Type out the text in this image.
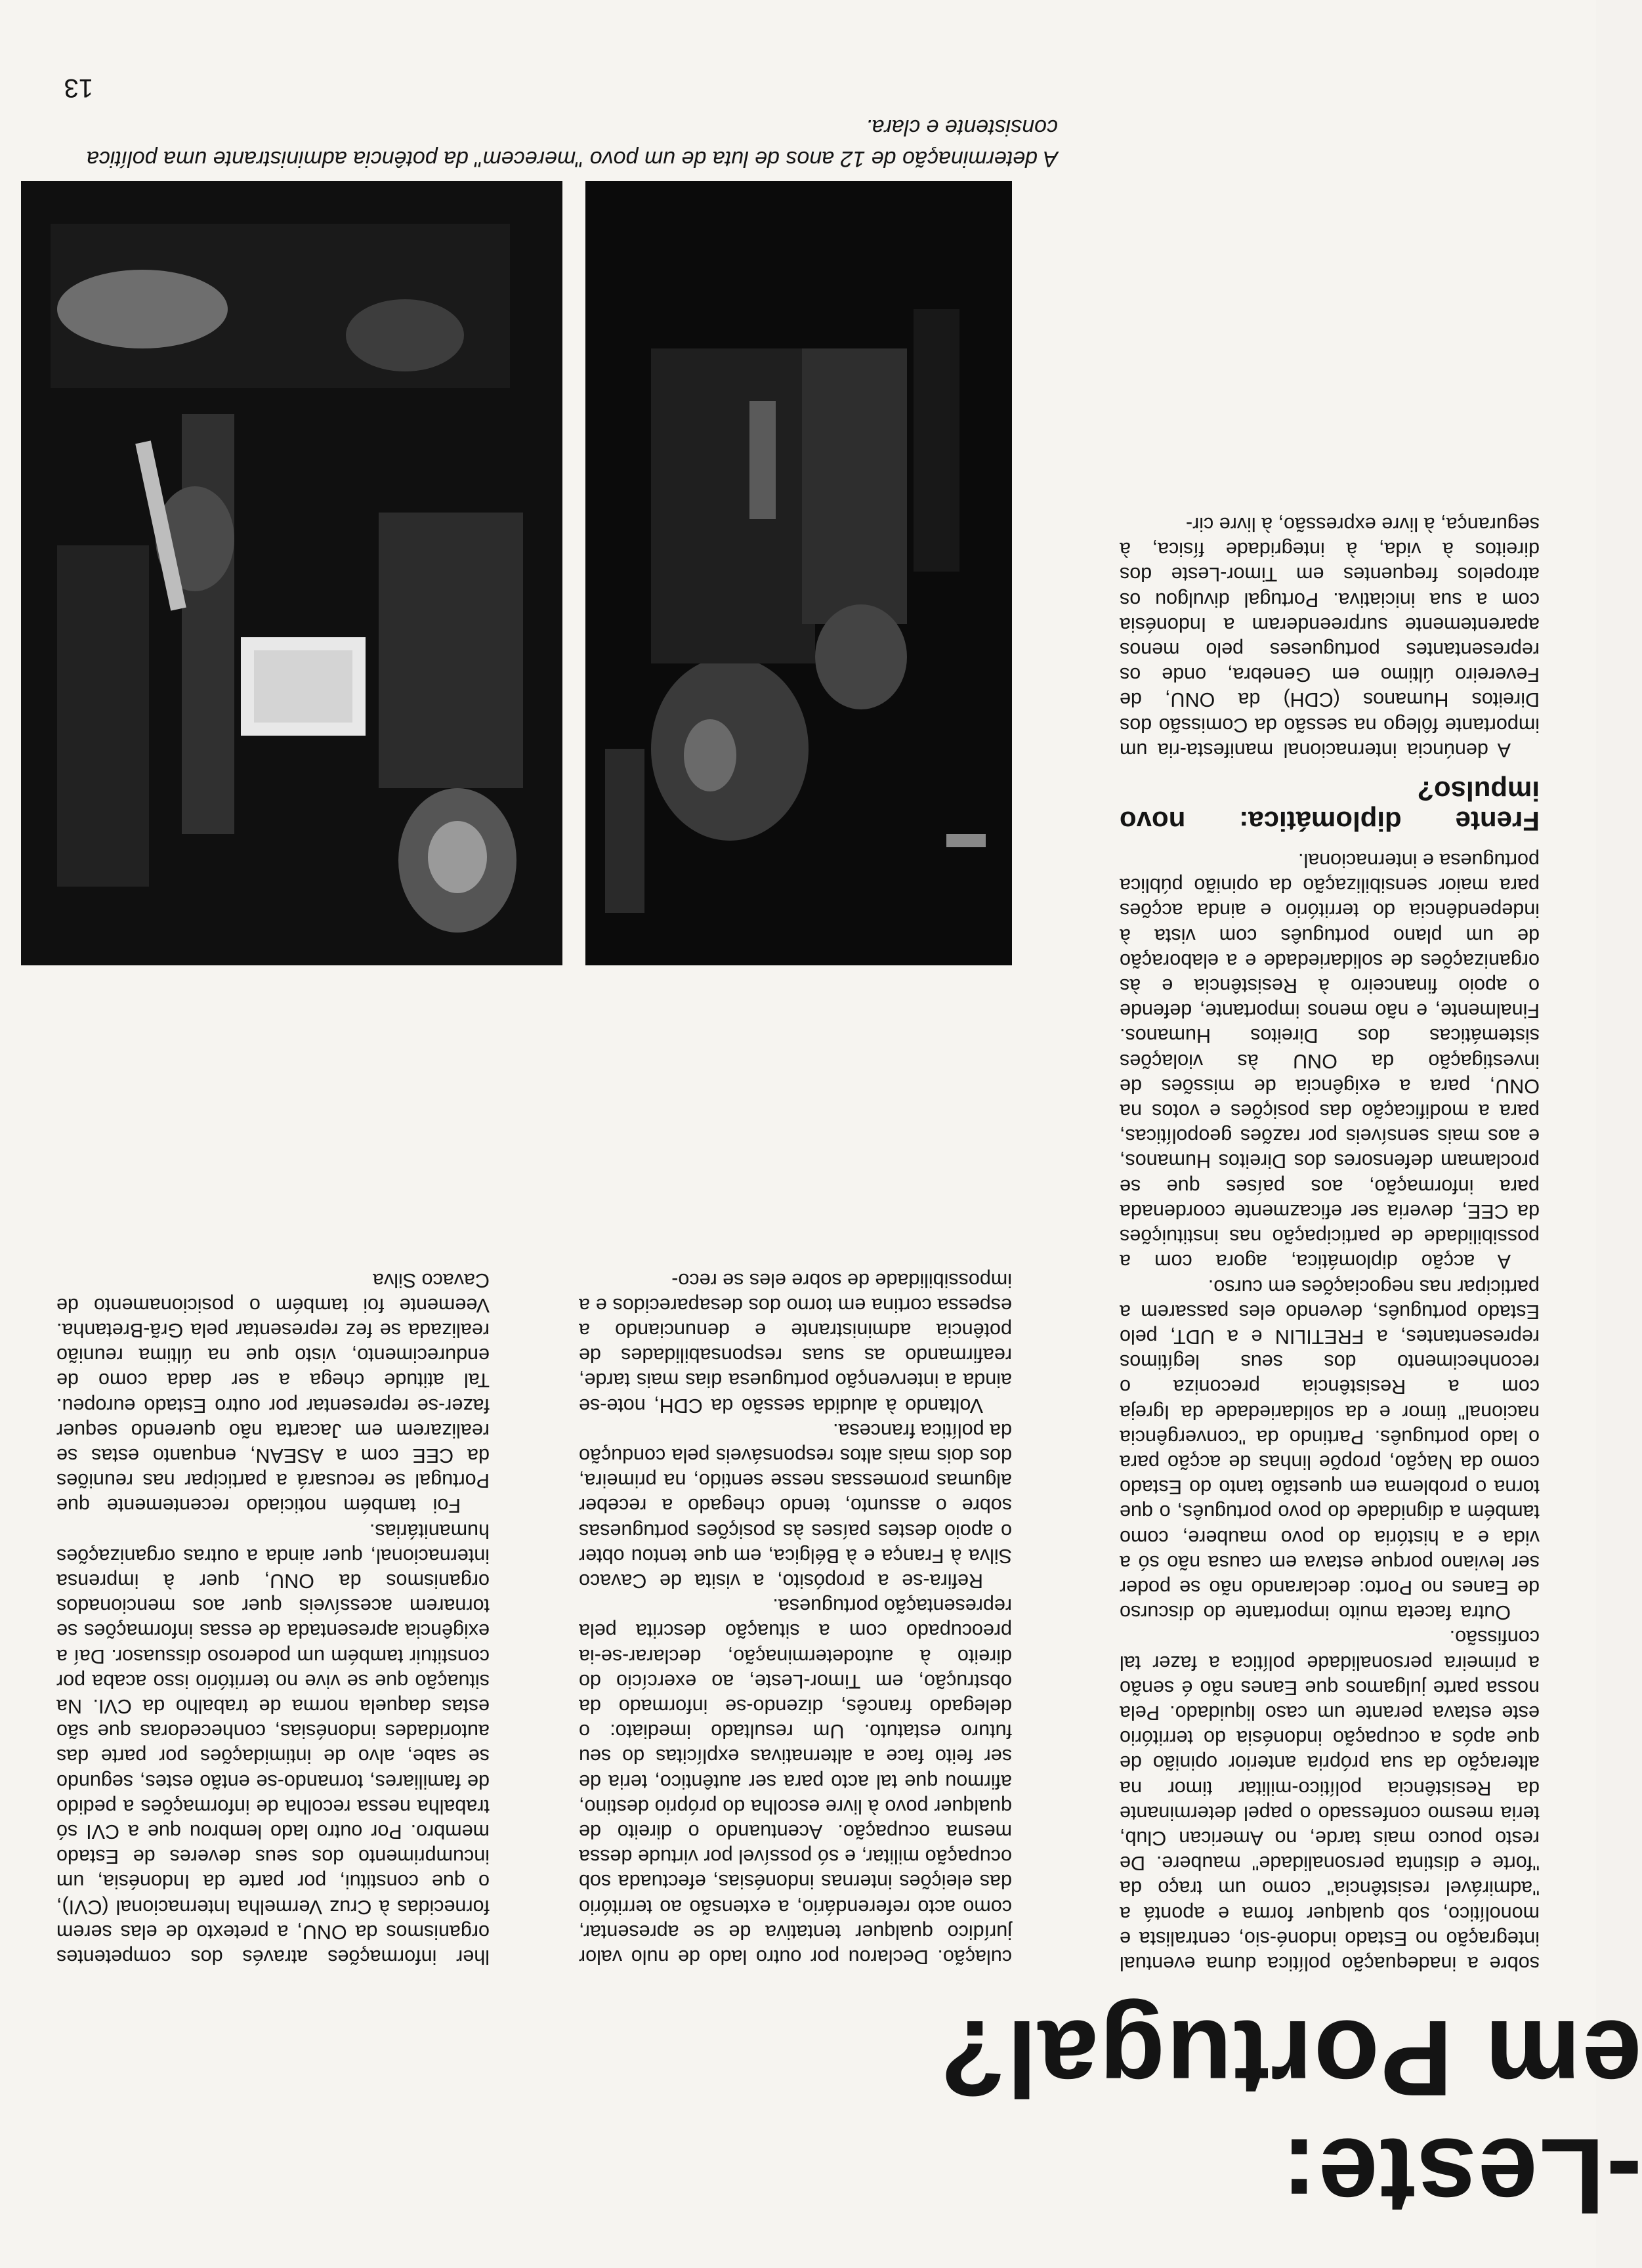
-Leste:
em Portugal?

sobre a inadequação política duma eventual integração no Estado indoné-sio, centralista e monolítico, sob qualquer forma e apontá a "admirável resistência" como um traço da "forte e distinta personalidade" maubere. De resto pouco mais tarde, no American Club, teria mesmo confessado o papel determinante da Resistência político-militar timor na alteração da sua própria anterior opinião de que após a ocupação indonésia do território este estava perante um caso liquidado. Pela nossa parte julgamos que Eanes não é senão a primeira personalidade política a fazer tal confissão.

Outra faceta muito importante do discurso de Eanes no Porto: declarando não se poder ser leviano porque estava em causa não só a vida e a história do povo maubere, como também a dignidade do povo português, o que torna o problema em questão tanto do Estado como da Nação, propõe linhas de acção para o lado português. Partindo da "convergência nacional" timor e da solidariedade da Igreja com a Resistência preconiza o reconhecimento dos seus legítimos representantes, a FRETILIN e a UDT, pelo Estado português, devendo eles passarem a participar nas negociações em curso.

A acção diplomática, agora com a possibilidade de participação nas instituições da CEE, deveria ser eficazmente coordenada para informação, aos países que se proclamam defensores dos Direitos Humanos, e aos mais sensíveis por razões geopolíticas, para a modificação das posições e votos na ONU, para a exigência de missões de investigação da ONU às violações sistemáticas dos Direitos Humanos. Finalmente, e não menos importante, defende o apoio financeiro à Resistência e às organizações de solidariedade e a elaboração de um plano português com vista à independência do território e ainda acções para maior sensibilização da opinião pública portuguesa e internacional.

Frente diplomática: novo impulso?

A denúncia internacional manifesta-ria um importante fôlego na sessão da Comissão dos Direitos Humanos (CDH) da ONU, de Fevereiro último em Genebra, onde os representantes portugueses pelo menos aparentemente surpreenderam a Indonésia com a sua iniciativa. Portugal divulgou os atropelos frequentes em Timor-Leste dos direitos à vida, à integridade física, à segurança, à livre expressão, à livre cir-

culação. Declarou por outro lado de nulo valor jurídico qualquer tentativa de se apresentar, como acto referendário, a extensão ao território das eleições internas indonésias, efectuada sob ocupação militar, e só possível por virtude dessa mesma ocupação. Acentuando o direito de qualquer povo à livre escolha do próprio destino, afirmou que tal acto para ser autêntico, teria de ser feito face a alternativas explícitas do seu futuro estatuto. Um resultado imediato: o delegado francês, dizendo-se informado da obstrução, em Timor-Leste, ao exercício do direito à autodeterminação, declarar-se-ia preocupado com a situação descrita pela representação portuguesa.

Refira-se a propósito, a visita de Cavaco Silva à França e à Bélgica, em que tentou obter o apoio destes países às posições portuguesas sobre o assunto, tendo chegado a receber algumas promessas nesse sentido, na primeira, dos dois mais altos responsáveis pela condução da política francesa.

Voltando à aludida sessão da CDH, note-se ainda a intervenção portuguesa dias mais tarde, reafirmando as suas responsabilidades de potência administrante e denunciando a espessa cortina em torno dos desaparecidos e a impossibilidade de sobre eles se reco-

lher informações através dos competentes organismos da ONU, a pretexto de elas serem fornecidas à Cruz Vermelha Internacional (CVI), o que constitui, por parte da Indonésia, um incumprimento dos seus deveres de Estado membro. Por outro lado lembrou que a CVI só trabalha nessa recolha de informações a pedido de familiares, tornando-se então estes, segundo se sabe, alvo de intimidações por parte das autoridades indonésias, conhecedoras que são estas daquela norma de trabalho da CVI. Na situação que se vive no território isso acaba por constituir também um poderoso dissuasor. Daí a exigência apresentada de essas informações se tornarem acessíveis quer aos mencionados organismos da ONU, quer à imprensa internacional, quer ainda a outras organizações humanitárias.

Foi também noticiado recentemente que Portugal se recusará a participar nas reuniões da CEE com a ASEAN, enquanto estas se realizarem em Jacarta não querendo sequer fazer-se representar por outro Estado europeu. Tal atitude chega a ser dada como de endurecimento, visto que na última reunião realizada se fez representar pela Grã-Bretanha. Veemente foi também o posicionamento de Cavaco Silva

A determinação de 12 anos de luta de um povo "merecem" da potência administrante uma política consistente e clara.

13
